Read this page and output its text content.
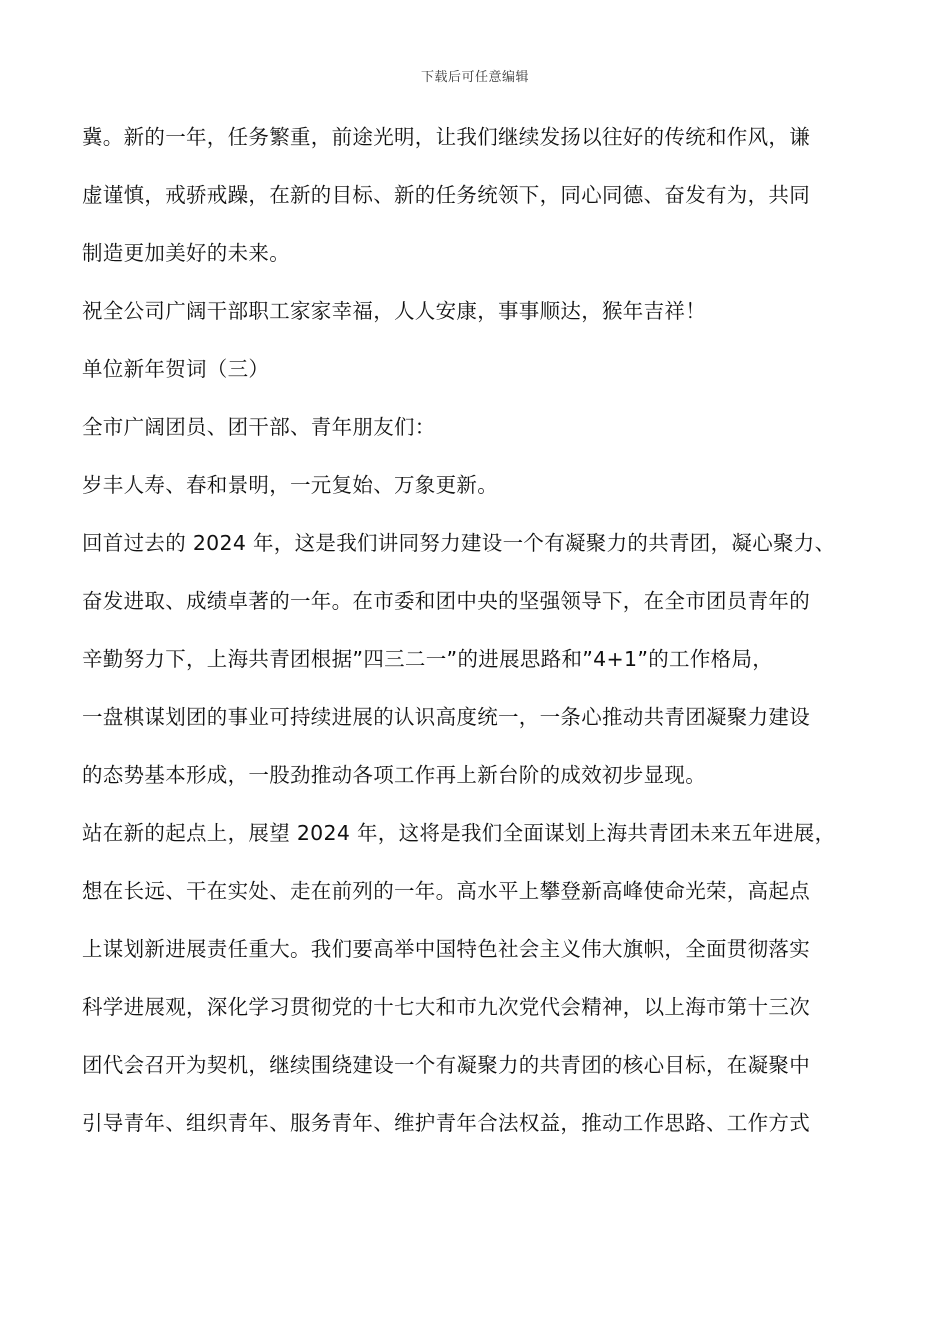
下载后可任意编辑
冀。新的一年，任务繁重，前途光明，让我们继续发扬以往好的传统和作风，谦
虚谨慎，戒骄戒躁，在新的目标、新的任务统领下，同心同德、奋发有为，共同
制造更加美好的未来。
祝全公司广阔干部职工家家幸福，人人安康，事事顺达，猴年吉祥！
单位新年贺词（三）
全市广阔团员、团干部、青年朋友们：
岁丰人寿、春和景明，一元复始、万象更新。
回首过去的 2024 年，这是我们讲同努力建设一个有凝聚力的共青团，凝心聚力、
奋发进取、成绩卓著的一年。在市委和团中央的坚强领导下，在全市团员青年的
辛勤努力下，上海共青团根据”四三二一”的进展思路和”4+1”的工作格局，
一盘棋谋划团的事业可持续进展的认识高度统一，一条心推动共青团凝聚力建设
的态势基本形成，一股劲推动各项工作再上新台阶的成效初步显现。
站在新的起点上，展望 2024 年，这将是我们全面谋划上海共青团未来五年进展，
想在长远、干在实处、走在前列的一年。高水平上攀登新高峰使命光荣，高起点
上谋划新进展责任重大。我们要高举中国特色社会主义伟大旗帜，全面贯彻落实
科学进展观，深化学习贯彻党的十七大和市九次党代会精神，以上海市第十三次
团代会召开为契机，继续围绕建设一个有凝聚力的共青团的核心目标，在凝聚中
引导青年、组织青年、服务青年、维护青年合法权益，推动工作思路、工作方式
